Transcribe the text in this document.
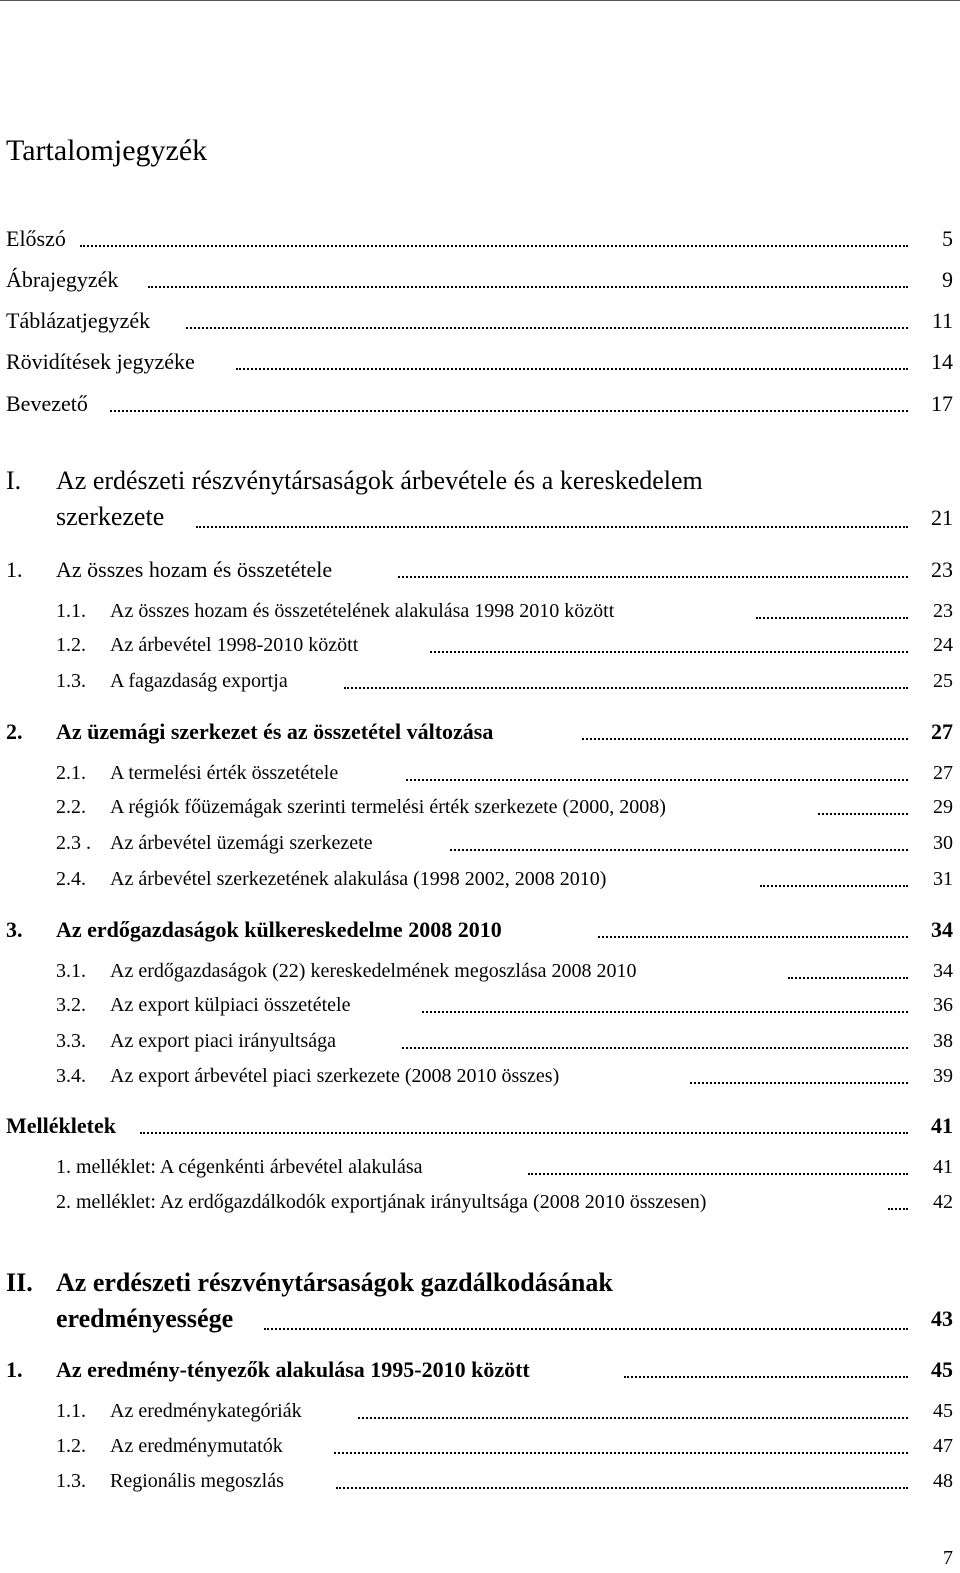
Tartalomjegyzék
Előszó	5
Ábrajegyzék	9
Táblázatjegyzék	11
Rövidítések jegyzéke	14
Bevezető	17
I. Az erdészeti részvénytársaságok árbevétele és a kereskedelem
szerkezete	21
1. Az összes hozam és összetétele	23
1.1. Az összes hozam és összetételének alakulása 1998 2010 között	23
1.2. Az árbevétel 1998-2010 között	24
1.3. A fagazdaság exportja	25
2. Az üzemági szerkezet és az összetétel változása	27
2.1. A termelési érték összetétele	27
2.2. A régiók főüzemágak szerinti termelési érték szerkezete (2000, 2008)	29
2.3 . Az árbevétel üzemági szerkezete	30
2.4. Az árbevétel szerkezetének alakulása (1998 2002, 2008 2010)	31
3. Az erdőgazdaságok külkereskedelme 2008 2010	34
3.1. Az erdőgazdaságok (22) kereskedelmének megoszlása 2008 2010	34
3.2. Az export külpiaci összetétele	36
3.3. Az export piaci irányultsága	38
3.4. Az export árbevétel piaci szerkezete (2008 2010 összes)	39
Mellékletek	41
1. melléklet: A cégenkénti árbevétel alakulása	41
2. melléklet: Az erdőgazdálkodók exportjának irányultsága (2008 2010 összesen)	42
II. Az erdészeti részvénytársaságok gazdálkodásának
eredményessége	43
1. Az eredmény-tényezők alakulása 1995-2010 között	45
1.1. Az eredménykategóriák	45
1.2. Az eredménymutatók	47
1.3. Regionális megoszlás	48
7
